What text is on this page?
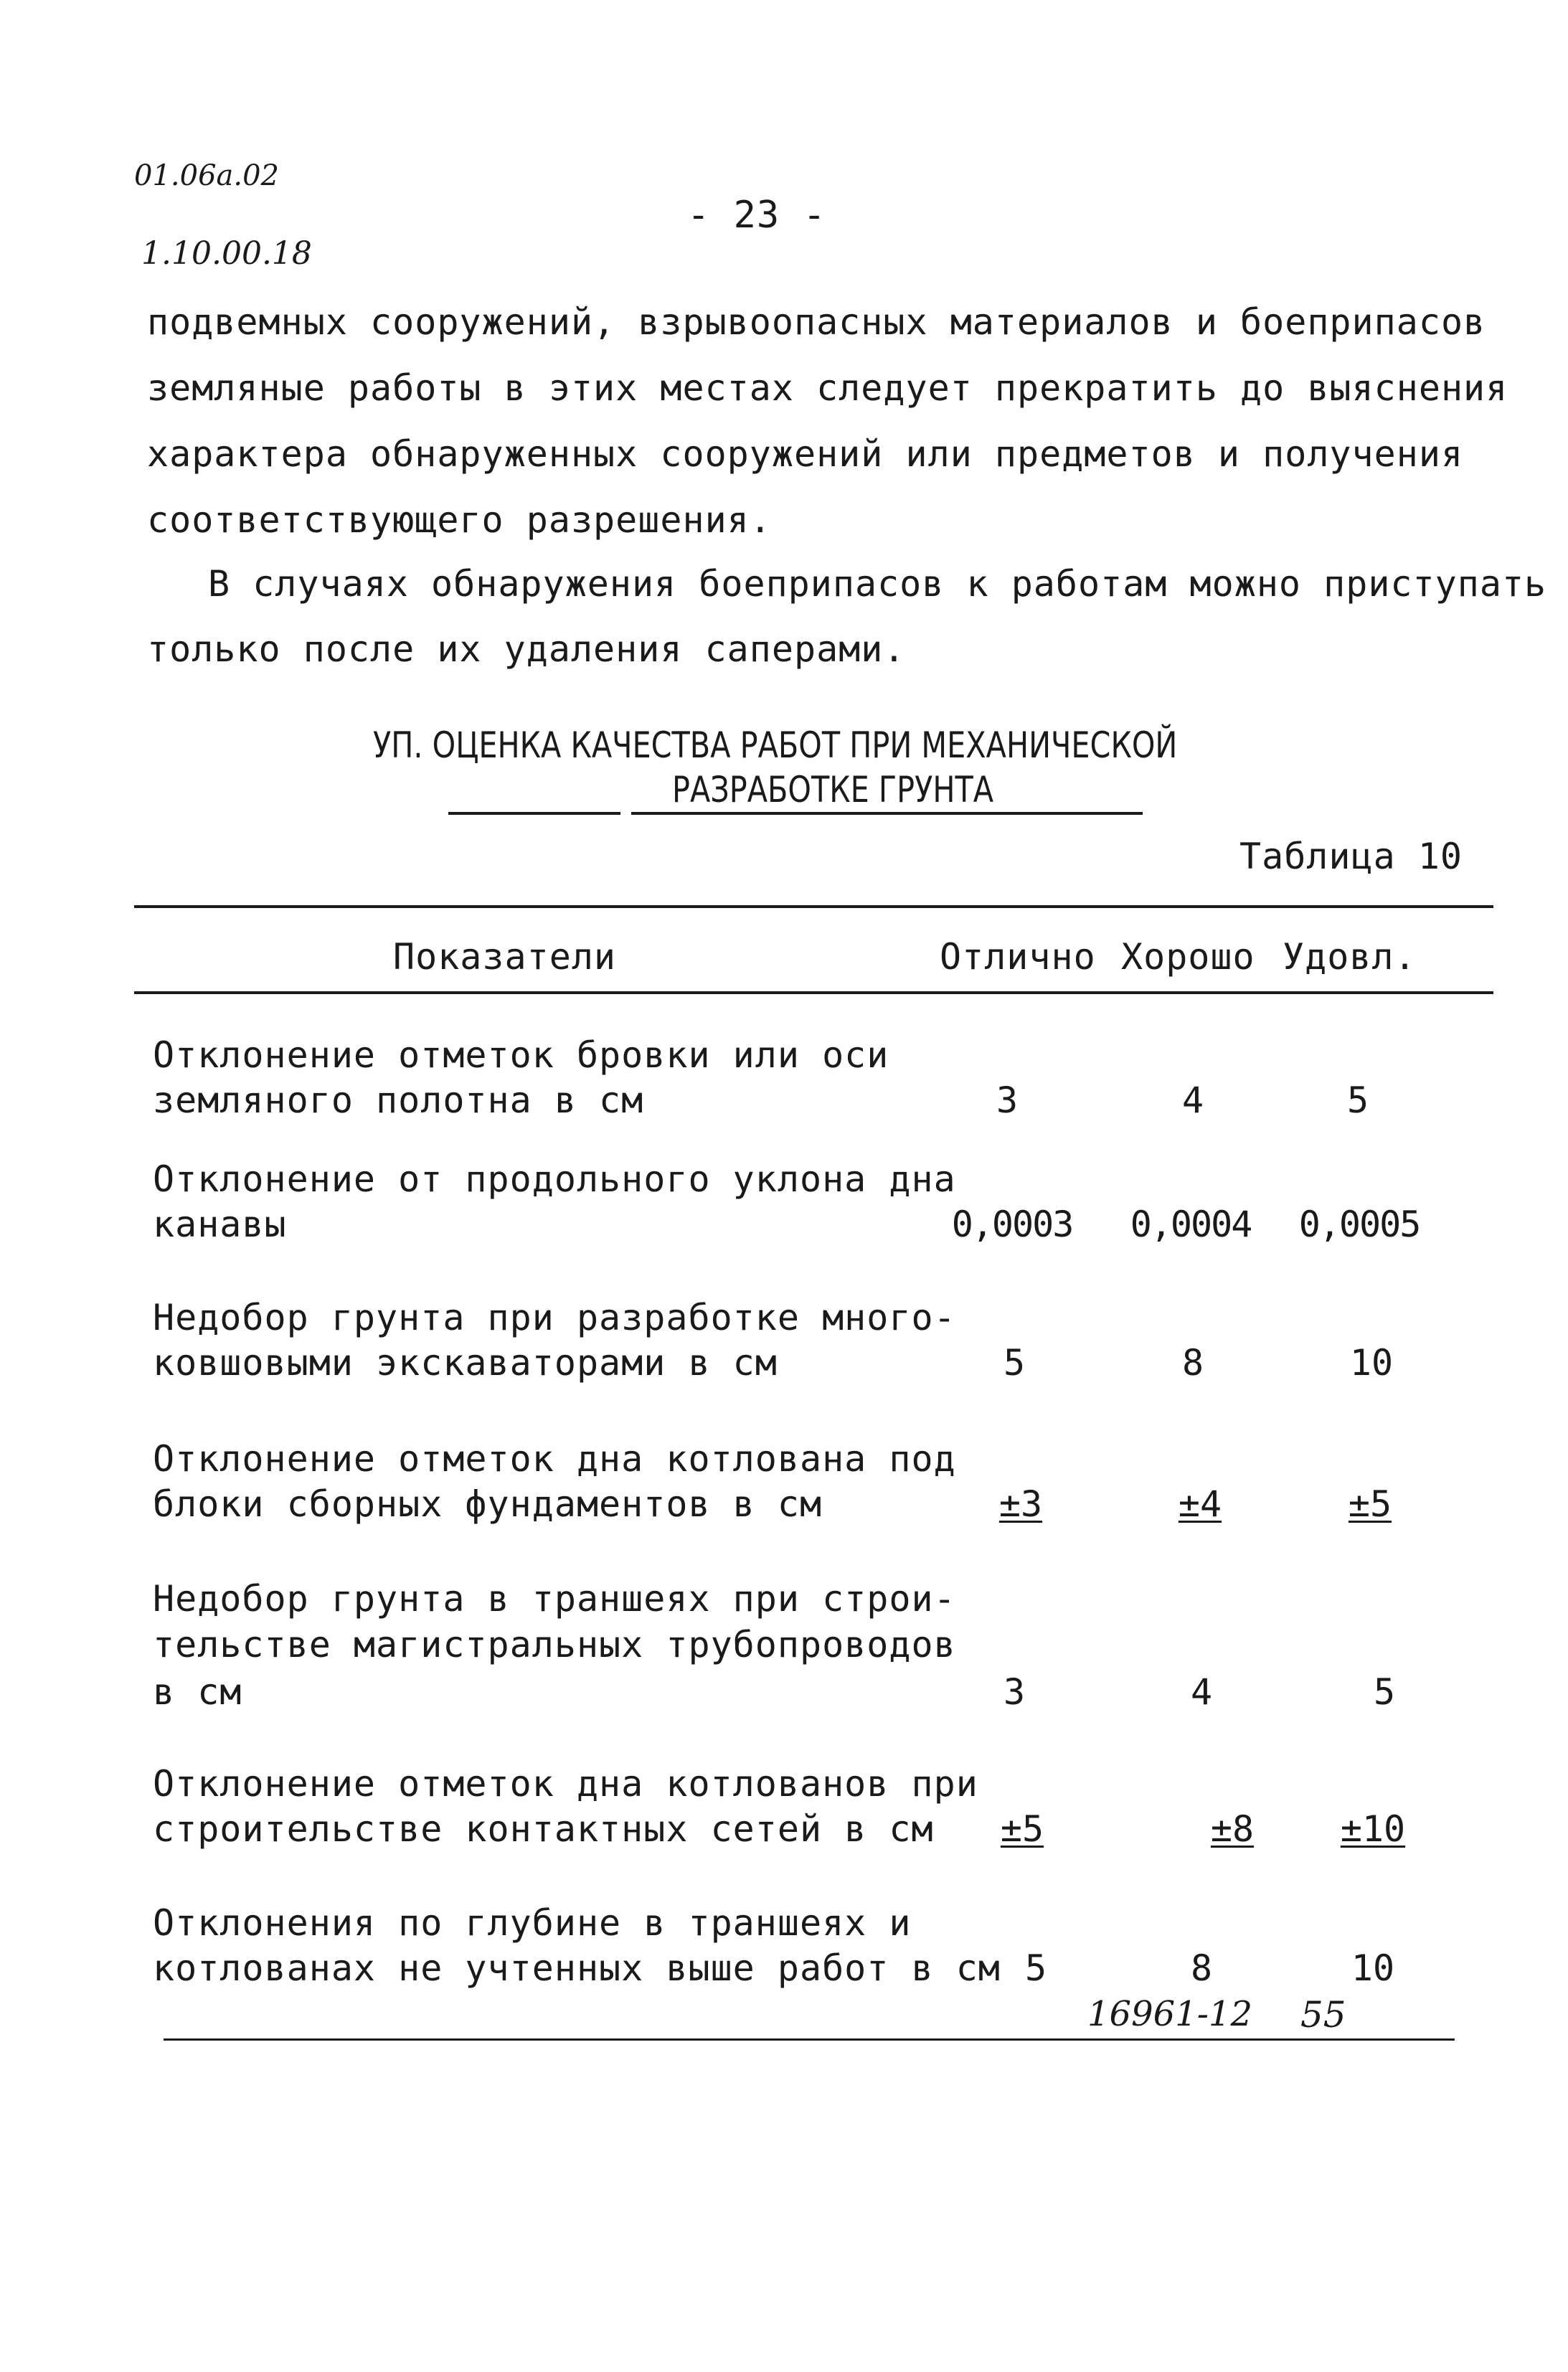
01.06а.02
- 23 -
1.10.00.18
подвемных сооружений, взрывоопасных материалов и боеприпасов
земляные работы в этих местах следует прекратить до выяснения
характера обнаруженных сооружений или предметов и получения
соответствующего разрешения.
В случаях обнаружения боеприпасов к работам можно приступать
только после их удаления саперами.
УП. ОЦЕНКА КАЧЕСТВА РАБОТ ПРИ МЕХАНИЧЕСКОЙ
РАЗРАБОТКЕ ГРУНТА
Таблица 10
Показатели	Отлично Хорошо Удовл.
Отклонение отметок бровки или оси
земляного полотна в см	3	4	5
Отклонение от продольного уклона дна
канавы	0,0003	0,0004	0,0005
Недобор грунта при разработке много-
ковшовыми экскаваторами в см	5	8	10
Отклонение отметок дна котлована под
блоки сборных фундаментов в см	±3	±4	±5
Недобор грунта в траншеях при строи-
тельстве магистральных трубопроводов
в см	3	4	5
Отклонение отметок дна котлованов при
строительстве контактных сетей в см	±5	±8	±10
Отклонения по глубине в траншеях и
котлованах не учтенных выше работ в см 5	8	10
16961-12 55
